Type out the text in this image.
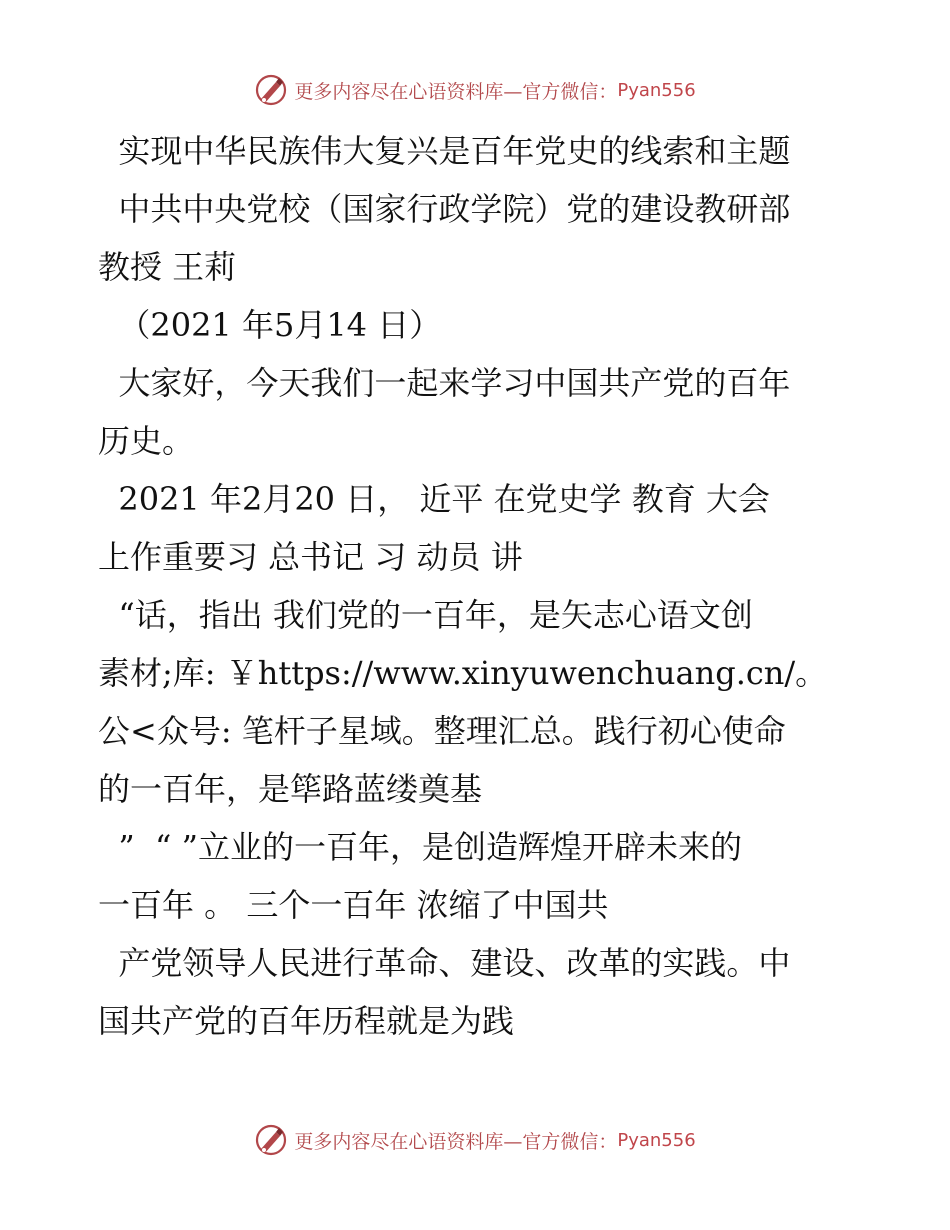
更多内容尽在心语资料库—官方微信： Pyan556
实现中华民族伟大复兴是百年党史的线索和主题
中共中央党校（国家行政学院）党的建设教研部
教授 王莉
（2021 年5月14 日）
大家好，今天我们一起来学习中国共产党的百年
历史。
2021 年2月20 日， 近平 在党史学 教育 大会
上作重要习 总书记 习 动员 讲
“话，指出 我们党的一百年，是矢志心语文创
素材;库: ￥https://www.xinyuwenchuang.cn/。
公<众号: 笔杆子星域。整理汇总。践行初心使命
的一百年，是筚路蓝缕奠基
”  “ ”立业的一百年，是创造辉煌开辟未来的
一百年 。 三个一百年 浓缩了中国共
产党领导人民进行革命、建设、改革的实践。中
国共产党的百年历程就是为践
更多内容尽在心语资料库—官方微信： Pyan556
